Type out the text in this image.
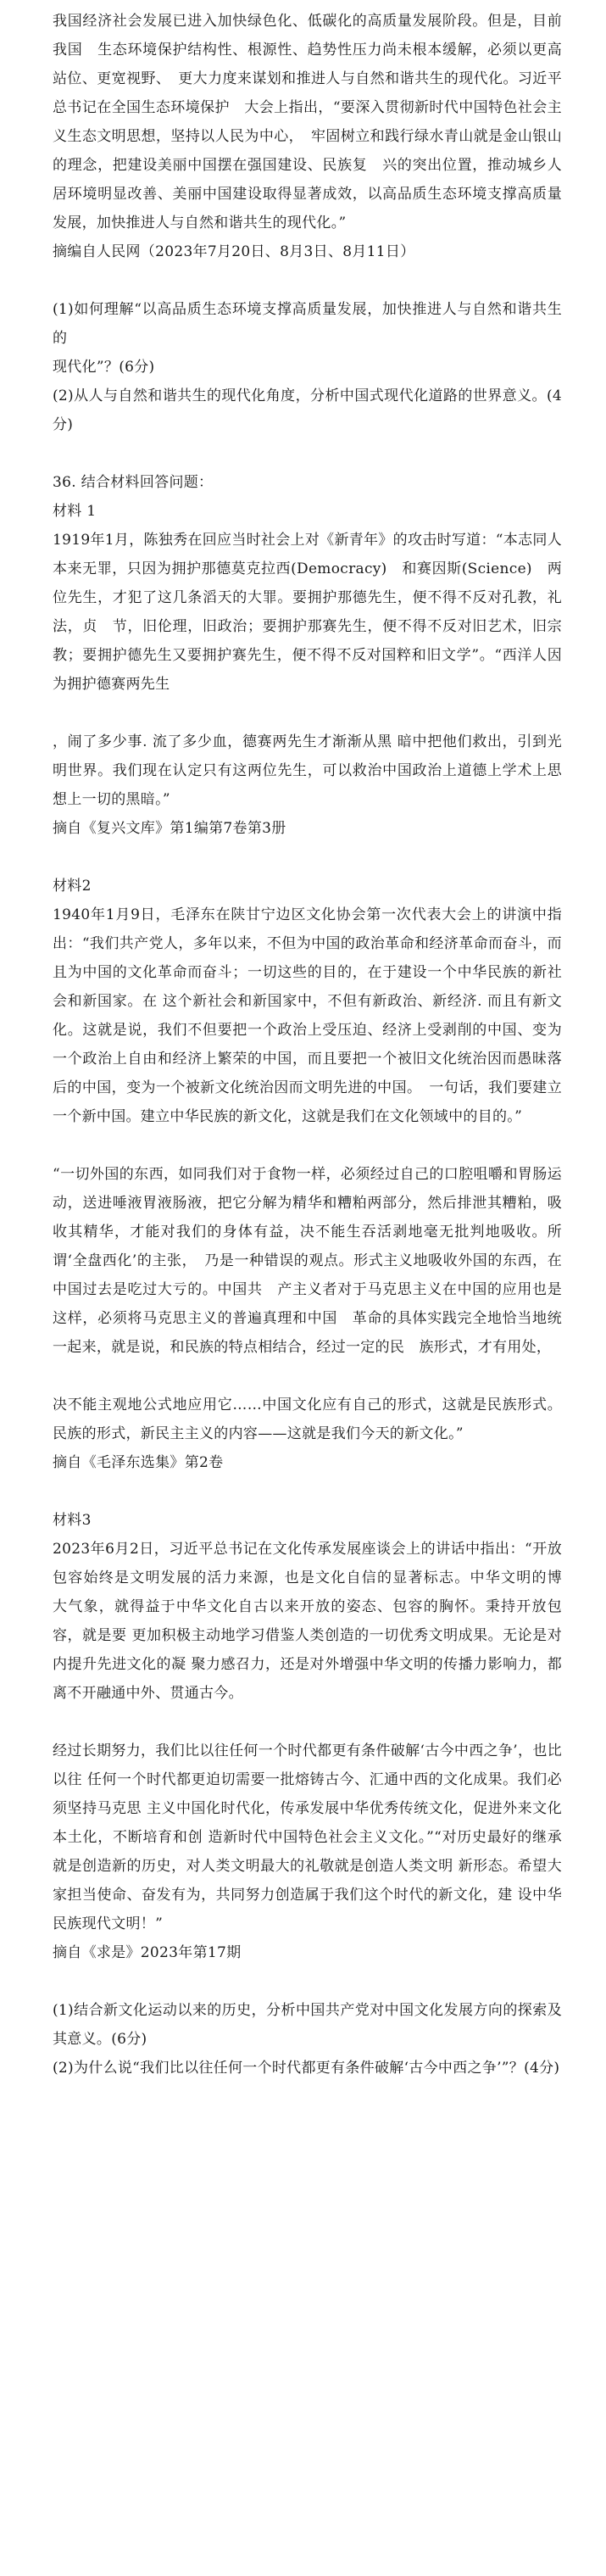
我国经济社会发展已进入加快绿色化、低碳化的高质量发展阶段。但是，目前我国　生态环境保护结构性、根源性、趋势性压力尚未根本缓解，必须以更高站位、更宽视野、　更大力度来谋划和推进人与自然和谐共生的现代化。习近平总书记在全国生态环境保护　大会上指出，“要深入贯彻新时代中国特色社会主义生态文明思想，坚持以人民为中心，　牢固树立和践行绿水青山就是金山银山的理念，把建设美丽中国摆在强国建设、民族复　兴的突出位置，推动城乡人居环境明显改善、美丽中国建设取得显著成效，以高品质生态环境支撑高质量发展，加快推进人与自然和谐共生的现代化。”

摘编自人民网（2023年7月20日、8月3日、8月11日）

(1)如何理解“以高品质生态环境支撑高质量发展，加快推进人与自然和谐共生的

现代化”？(6分)

(2)从人与自然和谐共生的现代化角度，分析中国式现代化道路的世界意义。(4分)

36. 结合材料回答问题：

材料 1

1919年1月，陈独秀在回应当时社会上对《新青年》的攻击时写道：“本志同人本来无罪，只因为拥护那德莫克拉西(Democracy)　和赛因斯(Science)　两位先生，才犯了这几条滔天的大罪。要拥护那德先生，便不得不反对孔教，礼法，贞　节，旧伦理，旧政治；要拥护那赛先生，便不得不反对旧艺术，旧宗教；要拥护德先生又要拥护赛先生，便不得不反对国粹和旧文学”。“西洋人因为拥护德赛两先生

，闹了多少事. 流了多少血，德赛两先生才渐渐从黑 暗中把他们救出，引到光明世界。我们现在认定只有这两位先生，可以救治中国政治上道德上学术上思想上一切的黑暗。”

摘自《复兴文库》第1编第7卷第3册

材料2

1940年1月9日，毛泽东在陕甘宁边区文化协会第一次代表大会上的讲演中指出：“我们共产党人，多年以来，不但为中国的政治革命和经济革命而奋斗，而且为中国的文化革命而奋斗；一切这些的目的，在于建设一个中华民族的新社会和新国家。在 这个新社会和新国家中，不但有新政治、新经济. 而且有新文化。这就是说，我们不但要把一个政治上受压迫、经济上受剥削的中国、变为一个政治上自由和经济上繁荣的中国，而且要把一个被旧文化统治因而愚昧落后的中国，变为一个被新文化统治因而文明先进的中国。　一句话，我们要建立一个新中国。建立中华民族的新文化，这就是我们在文化领域中的目的。”

“一切外国的东西，如同我们对于食物一样，必须经过自己的口腔咀嚼和胃肠运动，送进唾液胃液肠液，把它分解为精华和糟粕两部分，然后排泄其糟粕，吸收其精华，才能对我们的身体有益，决不能生吞活剥地毫无批判地吸收。所谓‘全盘西化’的主张，　乃是一种错误的观点。形式主义地吸收外国的东西，在中国过去是吃过大亏的。中国共　产主义者对于马克思主义在中国的应用也是这样，必须将马克思主义的普遍真理和中国　革命的具体实践完全地恰当地统一起来，就是说，和民族的特点相结合，经过一定的民　族形式，才有用处，

决不能主观地公式地应用它……中国文化应有自己的形式，这就是民族形式。民族的形式，新民主主义的内容——这就是我们今天的新文化。”

摘自《毛泽东选集》第2卷

材料3

2023年6月2日，习近平总书记在文化传承发展座谈会上的讲话中指出：“开放包容始终是文明发展的活力来源，也是文化自信的显著标志。中华文明的博　大气象，就得益于中华文化自古以来开放的姿态、包容的胸怀。秉持开放包容，就是要 更加积极主动地学习借鉴人类创造的一切优秀文明成果。无论是对内提升先进文化的凝 聚力感召力，还是对外增强中华文明的传播力影响力，都离不开融通中外、贯通古今。

经过长期努力，我们比以往任何一个时代都更有条件破解‘古今中西之争’，也比以往 任何一个时代都更迫切需要一批熔铸古今、汇通中西的文化成果。我们必须坚持马克思 主义中国化时代化，传承发展中华优秀传统文化，促进外来文化本土化，不断培育和创 造新时代中国特色社会主义文化。”“对历史最好的继承就是创造新的历史，对人类文明最大的礼敬就是创造人类文明 新形态。希望大家担当使命、奋发有为，共同努力创造属于我们这个时代的新文化，建 设中华民族现代文明！”

摘自《求是》2023年第17期

(1)结合新文化运动以来的历史，分析中国共产党对中国文化发展方向的探索及其意义。(6分)

(2)为什么说“我们比以往任何一个时代都更有条件破解‘古今中西之争’”？(4分)
